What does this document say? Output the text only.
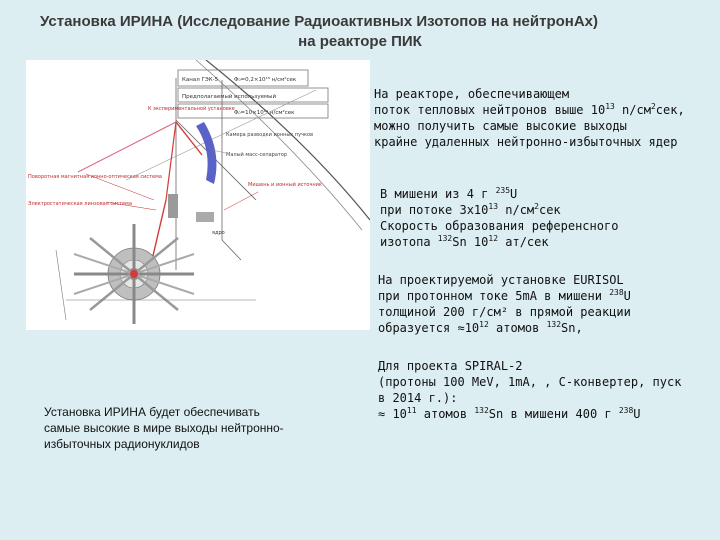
Установка ИРИНА (Исследование Радиоактивных Изотопов на нейтронАх)
на реакторе ПИК
Канал ГЭК-5	Φ₀=0,2×10¹⁵ н/см²сек
Предполагаемый используемый
Φ₀=10×10¹⁴ н/см²сек
Камера разводки ионных пучков
Малый масс-сепаратор
К экспериментальной установке
Поворотная магнитная ионно-оптическая система
Электростатическая линзовая система
Мишень и ионный источник
ядро
На реакторе, обеспечивающем
поток тепловых нейтронов выше $10^{13}$ $n/см^2сек$,
можно получить самые высокие выходы
крайне удаленных нейтронно-избыточных ядер
В мишени из 4 г $^{235}$U
при потоке $3х10^{13}$ $n/см^2сек$
Скорость образования референсного
изотопа $^{132}$Sn $10^{12}$ ат/сек
На проектируемой установке EURISOL
при протонном токе 5mA в мишени $^{238}$U
толщиной 200 г/см² в прямой реакции
образуется $\approx 10^{12}$ атомов $^{132}$Sn,
Для проекта SPIRAL-2
(протоны 100 MeV, 1mA, , C-конвертер, пуск
в 2014 г.):
≈ $10^{11}$ атомов $^{132}$Sn в мишени 400 г $^{238}$U
Установка ИРИНА будет обеспечивать
самые высокие в мире выходы нейтронно-
избыточных радионуклидов
